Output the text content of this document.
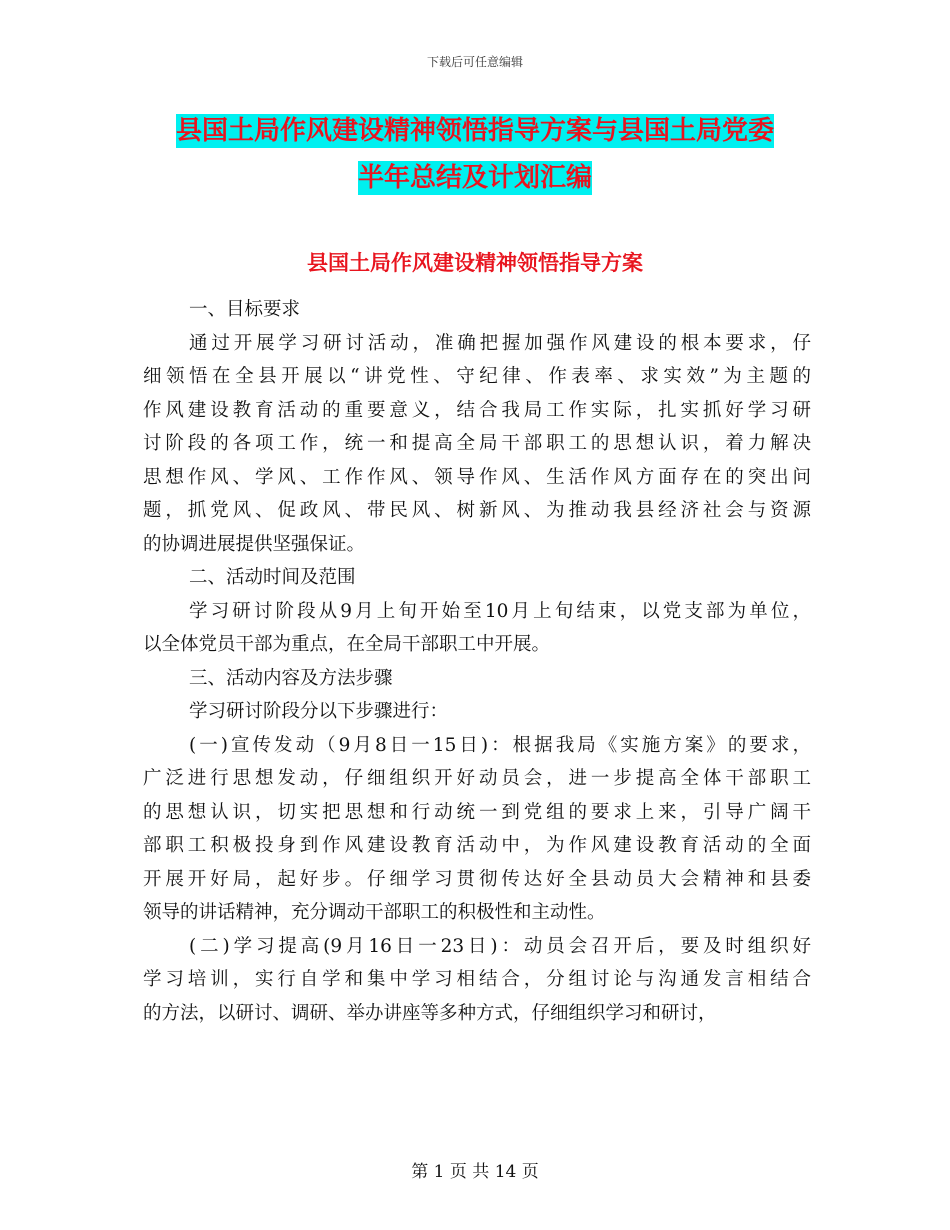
下载后可任意编辑
县国土局作风建设精神领悟指导方案与县国土局党委
半年总结及计划汇编
县国土局作风建设精神领悟指导方案
一、目标要求
通过开展学习研讨活动，准确把握加强作风建设的根本要求，仔
细领悟在全县开展以“讲党性、守纪律、作表率、求实效”为主题的
作风建设教育活动的重要意义，结合我局工作实际，扎实抓好学习研
讨阶段的各项工作，统一和提高全局干部职工的思想认识，着力解决
思想作风、学风、工作作风、领导作风、生活作风方面存在的突出问
题，抓党风、促政风、带民风、树新风、为推动我县经济社会与资源
的协调进展提供坚强保证。
二、活动时间及范围
学习研讨阶段从9月上旬开始至10月上旬结束，以党支部为单位，
以全体党员干部为重点，在全局干部职工中开展。
三、活动内容及方法步骤
学习研讨阶段分以下步骤进行：
(一)宣传发动（9月8日一15日)：根据我局《实施方案》的要求，
广泛进行思想发动，仔细组织开好动员会，进一步提高全体干部职工
的思想认识，切实把思想和行动统一到党组的要求上来，引导广阔干
部职工积极投身到作风建设教育活动中，为作风建设教育活动的全面
开展开好局，起好步。仔细学习贯彻传达好全县动员大会精神和县委
领导的讲话精神，充分调动干部职工的积极性和主动性。
(二)学习提高(9月16日一23日)：动员会召开后，要及时组织好
学习培训，实行自学和集中学习相结合，分组讨论与沟通发言相结合
的方法，以研讨、调研、举办讲座等多种方式，仔细组织学习和研讨，
第 1 页 共 14 页
